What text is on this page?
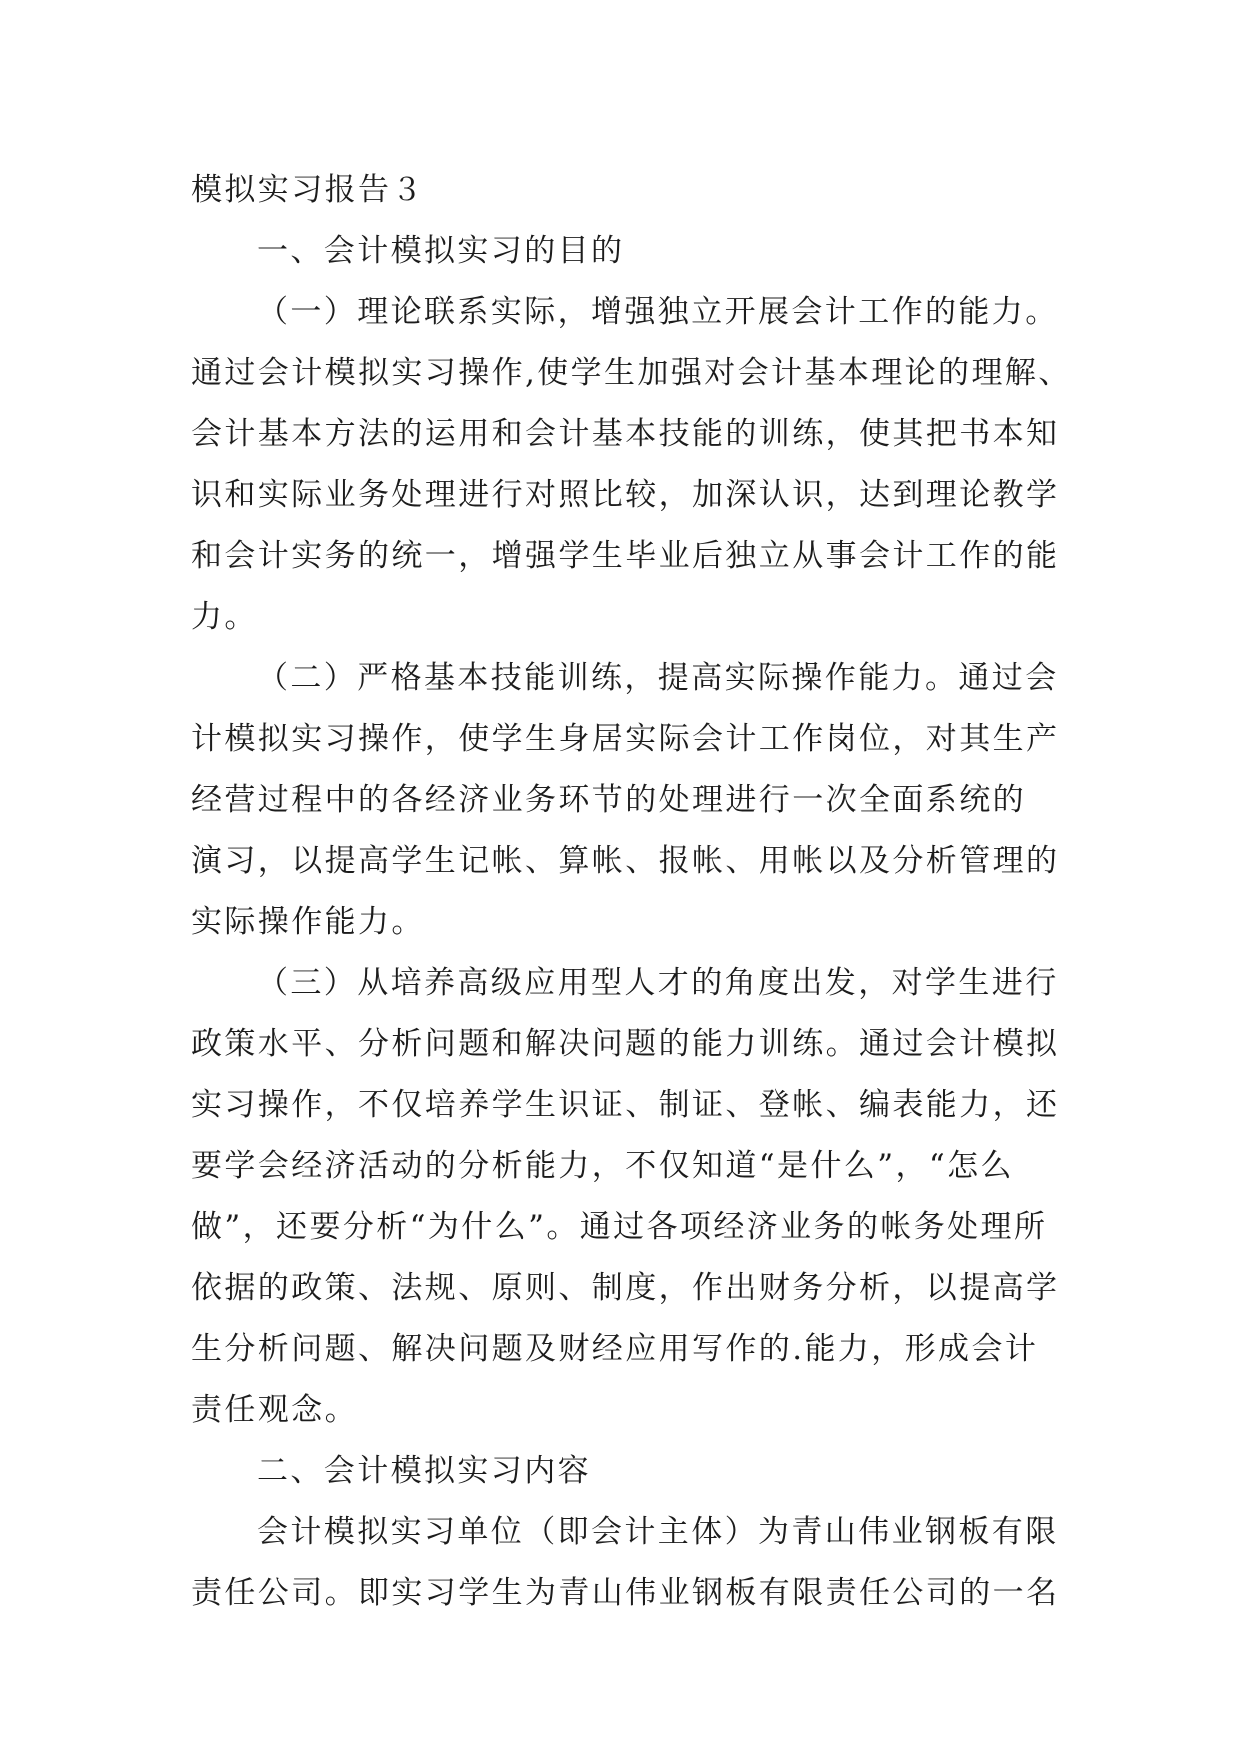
模拟实习报告３
一、会计模拟实习的目的
（一）理论联系实际，增强独立开展会计工作的能力。
通过会计模拟实习操作,使学生加强对会计基本理论的理解、
会计基本方法的运用和会计基本技能的训练，使其把书本知
识和实际业务处理进行对照比较，加深认识，达到理论教学
和会计实务的统一，增强学生毕业后独立从事会计工作的能
力。
（二）严格基本技能训练，提高实际操作能力。通过会
计模拟实习操作，使学生身居实际会计工作岗位，对其生产
经营过程中的各经济业务环节的处理进行一次全面系统的
演习，以提高学生记帐、算帐、报帐、用帐以及分析管理的
实际操作能力。
（三）从培养高级应用型人才的角度出发，对学生进行
政策水平、分析问题和解决问题的能力训练。通过会计模拟
实习操作，不仅培养学生识证、制证、登帐、编表能力，还
要学会经济活动的分析能力，不仅知道“是什么”，“怎么
做”，还要分析“为什么”。通过各项经济业务的帐务处理所
依据的政策、法规、原则、制度，作出财务分析，以提高学
生分析问题、解决问题及财经应用写作的.能力，形成会计
责任观念。
二、会计模拟实习内容
会计模拟实习单位（即会计主体）为青山伟业钢板有限
责任公司。即实习学生为青山伟业钢板有限责任公司的一名
